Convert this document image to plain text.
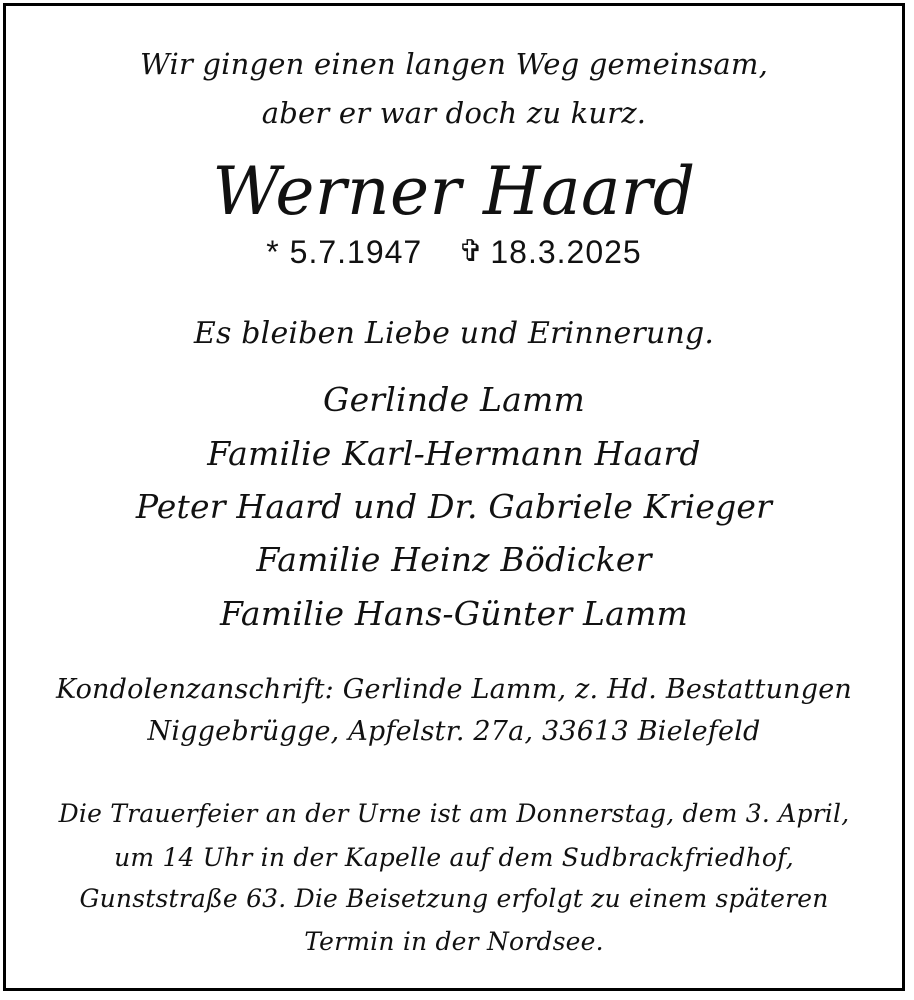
Wir gingen einen langen Weg gemeinsam,
aber er war doch zu kurz.
Werner Haard
* 5.7.1947 ✞ 18.3.2025
Es bleiben Liebe und Erinnerung.
Gerlinde Lamm
Familie Karl-Hermann Haard
Peter Haard und Dr. Gabriele Krieger
Familie Heinz Bödicker
Familie Hans-Günter Lamm
Kondolenzanschrift: Gerlinde Lamm, z. Hd. Bestattungen
Niggebrügge, Apfelstr. 27a, 33613 Bielefeld
Die Trauerfeier an der Urne ist am Donnerstag, dem 3. April,
um 14 Uhr in der Kapelle auf dem Sudbrackfriedhof,
Gunststraße 63. Die Beisetzung erfolgt zu einem späteren
Termin in der Nordsee.
